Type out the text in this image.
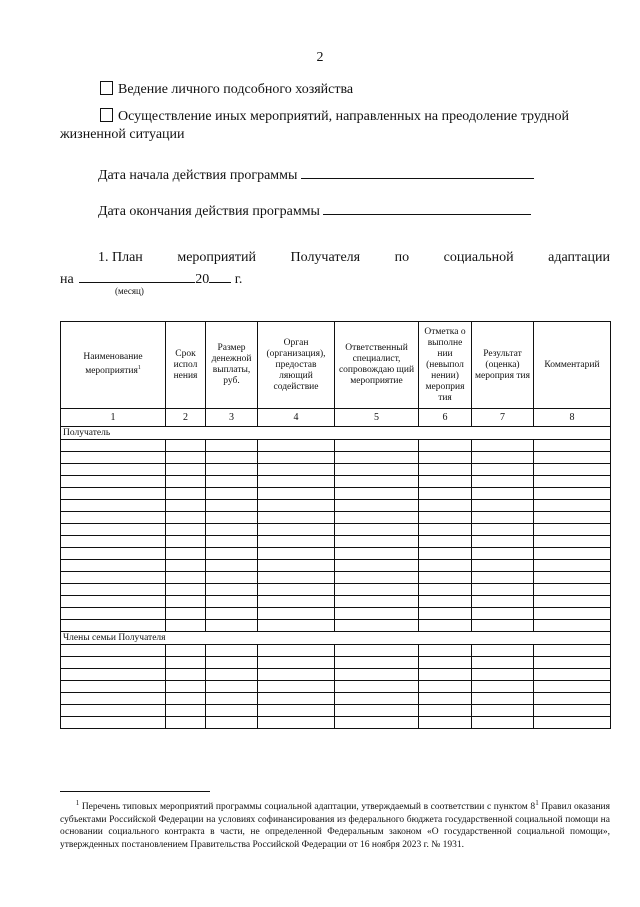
2
Ведение личного подсобного хозяйства
Осуществление иных мероприятий, направленных на преодоление трудной
жизненной ситуации
Дата начала действия программы
Дата окончания действия программы
1. План мероприятий Получателя по социальной адаптации
на	20 г.
(месяц)
Наименование мероприятия$^1$	Срок испол нения	Размер денежной выплаты, руб.	Орган (организация), предостав ляющий содействие	Ответственный специалист, сопровождаю щий мероприятие	Отметка о выполне нии (невыпол нении) мероприя тия	Результат (оценка) мероприя тия	Комментарий
1	2	3	4	5	6	7	8
Получатель							

Члены семьи Получателя							

$^1$ Перечень типовых мероприятий программы социальной адаптации, утверждаемый в соответствии с пунктом $8^1$ Правил оказания субъектами Российской Федерации на условиях софинансирования из федерального бюджета государственной социальной помощи на основании социального контракта в части, не определенной Федеральным законом «О государственной социальной помощи», утвержденных постановлением Правительства Российской Федерации от 16 ноября 2023 г. № 1931.
